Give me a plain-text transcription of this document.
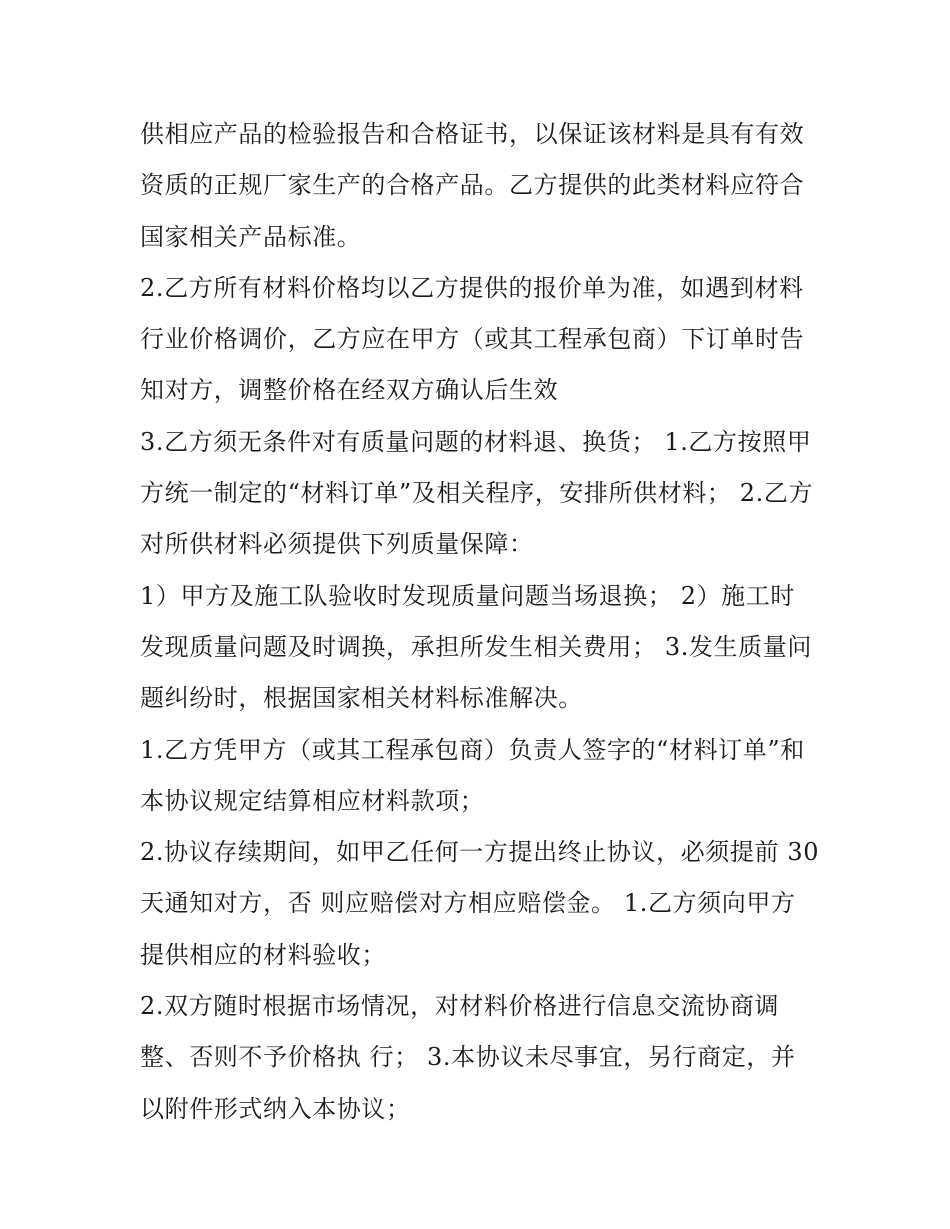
供相应产品的检验报告和合格证书，以保证该材料是具有有效
资质的正规厂家生产的合格产品。乙方提供的此类材料应符合
国家相关产品标准。
2.乙方所有材料价格均以乙方提供的报价单为准，如遇到材料
行业价格调价，乙方应在甲方（或其工程承包商）下订单时告
知对方，调整价格在经双方确认后生效
3.乙方须无条件对有质量问题的材料退、换货； 1.乙方按照甲
方统一制定的“材料订单”及相关程序，安排所供材料； 2.乙方
对所供材料必须提供下列质量保障：
1）甲方及施工队验收时发现质量问题当场退换； 2）施工时
发现质量问题及时调换，承担所发生相关费用； 3.发生质量问
题纠纷时，根据国家相关材料标准解决。
1.乙方凭甲方（或其工程承包商）负责人签字的“材料订单”和
本协议规定结算相应材料款项；
2.协议存续期间，如甲乙任何一方提出终止协议，必须提前 30
天通知对方，否 则应赔偿对方相应赔偿金。 1.乙方须向甲方
提供相应的材料验收；
2.双方随时根据市场情况，对材料价格进行信息交流协商调
整、否则不予价格执 行； 3.本协议未尽事宜，另行商定，并
以附件形式纳入本协议；
